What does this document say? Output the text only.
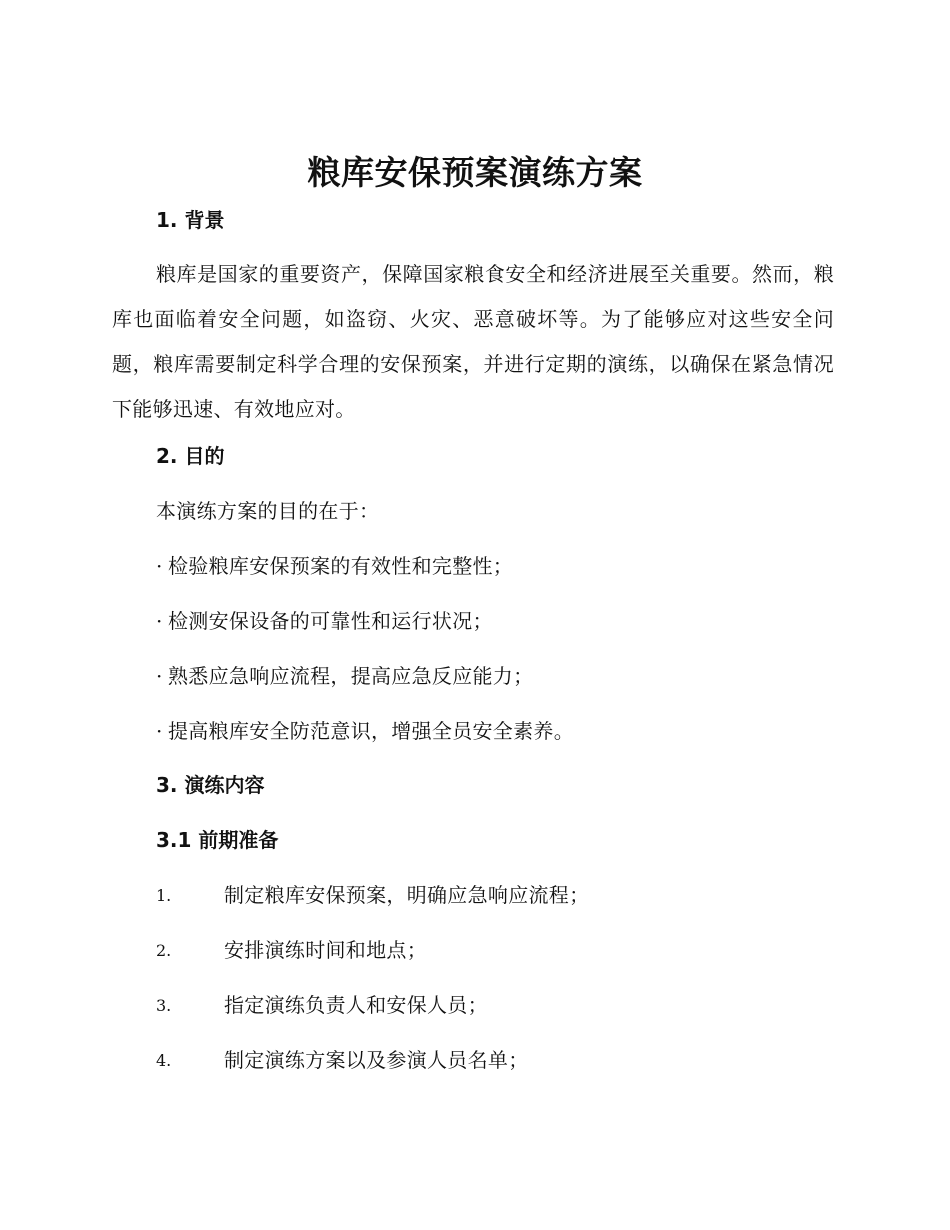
粮库安保预案演练方案
1. 背景
粮库是国家的重要资产，保障国家粮食安全和经济进展至关重要。然而，粮库也面临着安全问题，如盗窃、火灾、恶意破坏等。为了能够应对这些安全问题，粮库需要制定科学合理的安保预案，并进行定期的演练，以确保在紧急情况下能够迅速、有效地应对。
2. 目的
本演练方案的目的在于：
· 检验粮库安保预案的有效性和完整性；
· 检测安保设备的可靠性和运行状况；
· 熟悉应急响应流程，提高应急反应能力；
· 提高粮库安全防范意识，增强全员安全素养。
3. 演练内容
3.1 前期准备
1.	制定粮库安保预案，明确应急响应流程；
2.	安排演练时间和地点；
3.	指定演练负责人和安保人员；
4.	制定演练方案以及参演人员名单；
